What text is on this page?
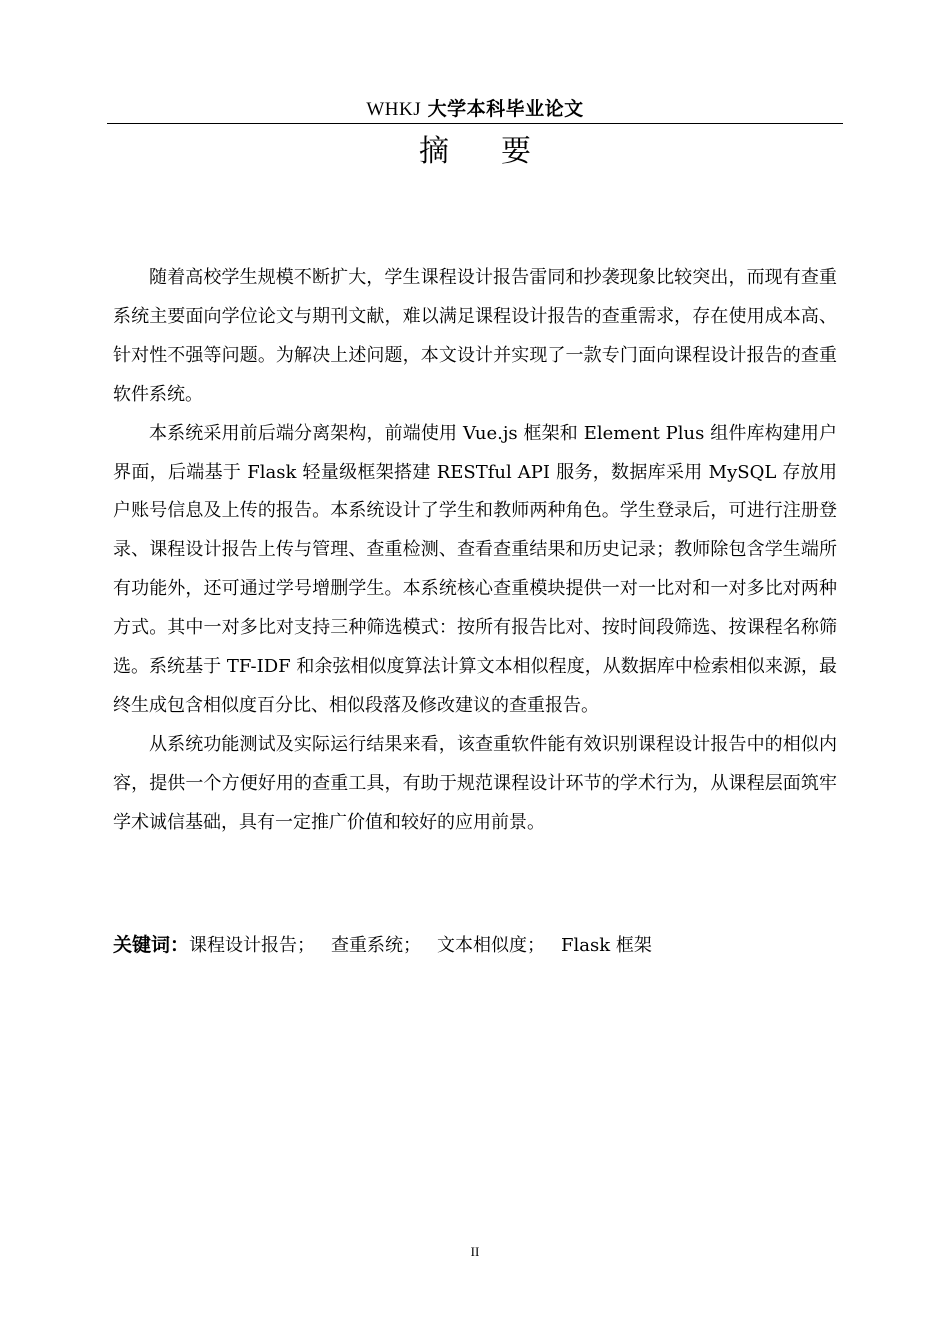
WHKJ 大学本科毕业论文
摘要

随着高校学生规模不断扩大，学生课程设计报告雷同和抄袭现象比较突出，而现有查重系统主要面向学位论文与期刊文献，难以满足课程设计报告的查重需求，存在使用成本高、针对性不强等问题。为解决上述问题，本文设计并实现了一款专门面向课程设计报告的查重软件系统。

本系统采用前后端分离架构，前端使用 Vue.js 框架和 Element Plus 组件库构建用户界面，后端基于 Flask 轻量级框架搭建 RESTful API 服务，数据库采用 MySQL 存放用户账号信息及上传的报告。本系统设计了学生和教师两种角色。学生登录后，可进行注册登录、课程设计报告上传与管理、查重检测、查看查重结果和历史记录；教师除包含学生端所有功能外，还可通过学号增删学生。本系统核心查重模块提供一对一比对和一对多比对两种方式。其中一对多比对支持三种筛选模式：按所有报告比对、按时间段筛选、按课程名称筛选。系统基于 TF-IDF 和余弦相似度算法计算文本相似程度，从数据库中检索相似来源，最终生成包含相似度百分比、相似段落及修改建议的查重报告。

从系统功能测试及实际运行结果来看，该查重软件能有效识别课程设计报告中的相似内容，提供一个方便好用的查重工具，有助于规范课程设计环节的学术行为，从课程层面筑牢学术诚信基础，具有一定推广价值和较好的应用前景。

关键词：课程设计报告； 查重系统； 文本相似度； Flask 框架
II
